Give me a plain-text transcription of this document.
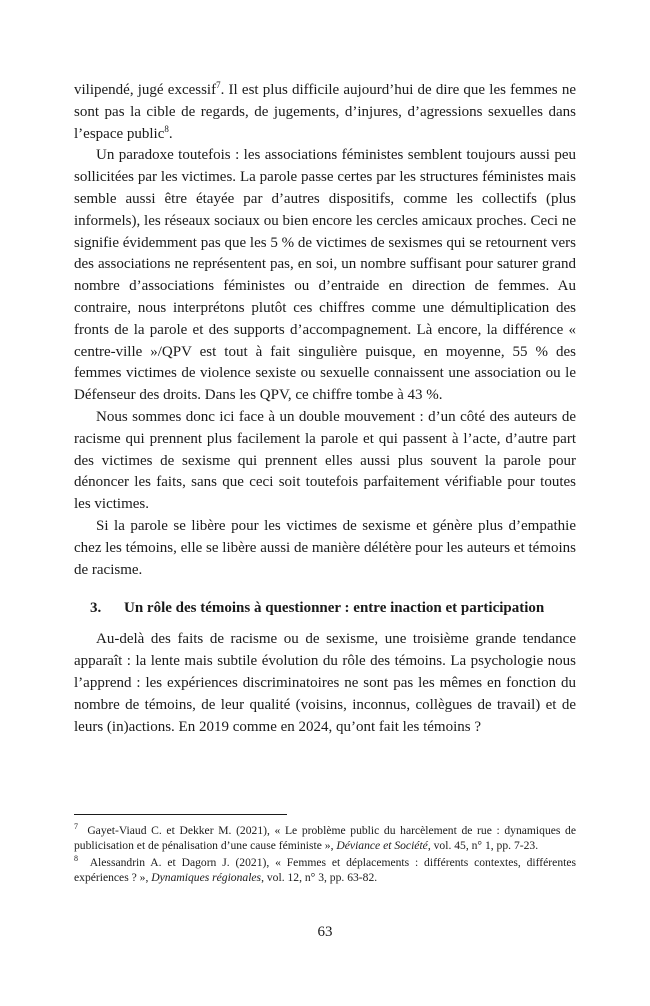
vilipendé, jugé excessif$^7$. Il est plus difficile aujourd’hui de dire que les femmes ne sont pas la cible de regards, de jugements, d’injures, d’agressions sexuelles dans l’espace public$^8$.

Un paradoxe toutefois : les associations féministes semblent toujours aussi peu sollicitées par les victimes. La parole passe certes par les structures féministes mais semble aussi être étayée par d’autres dispositifs, comme les collectifs (plus informels), les réseaux sociaux ou bien encore les cercles amicaux proches. Ceci ne signifie évidemment pas que les 5 % de victimes de sexismes qui se retournent vers des associations ne représentent pas, en soi, un nombre suffisant pour saturer grand nombre d’associations féministes ou d’entraide en direction de femmes. Au contraire, nous interprétons plutôt ces chiffres comme une démultiplication des fronts de la parole et des supports d’accompagnement. Là encore, la différence « centre-ville »/QPV est tout à fait singulière puisque, en moyenne, 55 % des femmes victimes de violence sexiste ou sexuelle connaissent une association ou le Défenseur des droits. Dans les QPV, ce chiffre tombe à 43 %.

Nous sommes donc ici face à un double mouvement : d’un côté des auteurs de racisme qui prennent plus facilement la parole et qui passent à l’acte, d’autre part des victimes de sexisme qui prennent elles aussi plus souvent la parole pour dénoncer les faits, sans que ceci soit toutefois parfaitement vérifiable pour toutes les victimes.

Si la parole se libère pour les victimes de sexisme et génère plus d’empathie chez les témoins, elle se libère aussi de manière délétère pour les auteurs et témoins de racisme.

3. Un rôle des témoins à questionner : entre inaction et participation

Au-delà des faits de racisme ou de sexisme, une troisième grande tendance apparaît : la lente mais subtile évolution du rôle des témoins. La psychologie nous l’apprend : les expériences discriminatoires ne sont pas les mêmes en fonction du nombre de témoins, de leur qualité (voisins, inconnus, collègues de travail) et de leurs (in)actions. En 2019 comme en 2024, qu’ont fait les témoins ?

$^7$ Gayet-Viaud C. et Dekker M. (2021), « Le problème public du harcèlement de rue : dynamiques de publicisation et de pénalisation d’une cause féministe », Déviance et Société, vol. 45, n° 1, pp. 7-23.

$^8$ Alessandrin A. et Dagorn J. (2021), « Femmes et déplacements : différents contextes, différentes expériences ? », Dynamiques régionales, vol. 12, n° 3, pp. 63-82.

63
